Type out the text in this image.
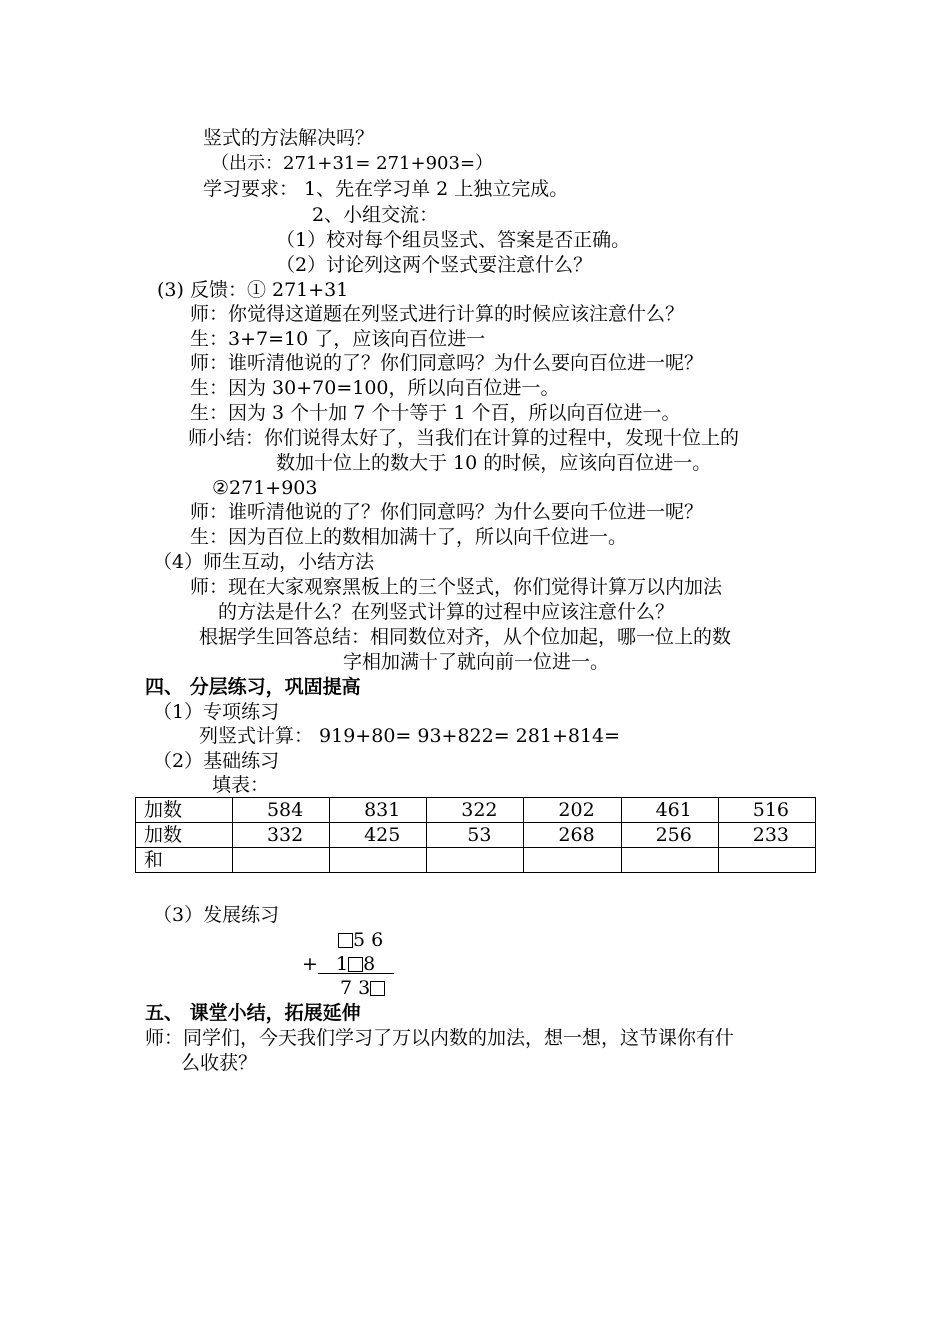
竖式的方法解决吗？
（出示：271+31= 271+903=）
学习要求： 1、先在学习单 2 上独立完成。
2、小组交流：
（1）校对每个组员竖式、答案是否正确。
（2）讨论列这两个竖式要注意什么？
(3) 反馈：① 271+31
师：你觉得这道题在列竖式进行计算的时候应该注意什么？
生：3+7=10 了，应该向百位进一
师：谁听清他说的了？你们同意吗？为什么要向百位进一呢？
生：因为 30+70=100，所以向百位进一。
生：因为 3 个十加 7 个十等于 1 个百，所以向百位进一。
师小结：你们说得太好了，当我们在计算的过程中，发现十位上的
数加十位上的数大于 10 的时候，应该向百位进一。
②271+903
师：谁听清他说的了？你们同意吗？为什么要向千位进一呢？
生：因为百位上的数相加满十了，所以向千位进一。
（4）师生互动，小结方法
师：现在大家观察黑板上的三个竖式，你们觉得计算万以内加法
的方法是什么？在列竖式计算的过程中应该注意什么？
根据学生回答总结：相同数位对齐，从个位加起，哪一位上的数
字相加满十了就向前一位进一。
四、 分层练习，巩固提高
（1）专项练习
列竖式计算： 919+80= 93+822= 281+814=
（2）基础练习
填表：
加数	584	831	322	202	461	516
加数	332	425	53	268	256	233
和						
（3）发展练习
5 6
+ 1 8
7 3
五、 课堂小结，拓展延伸
师：同学们，今天我们学习了万以内数的加法，想一想，这节课你有什
么收获？
